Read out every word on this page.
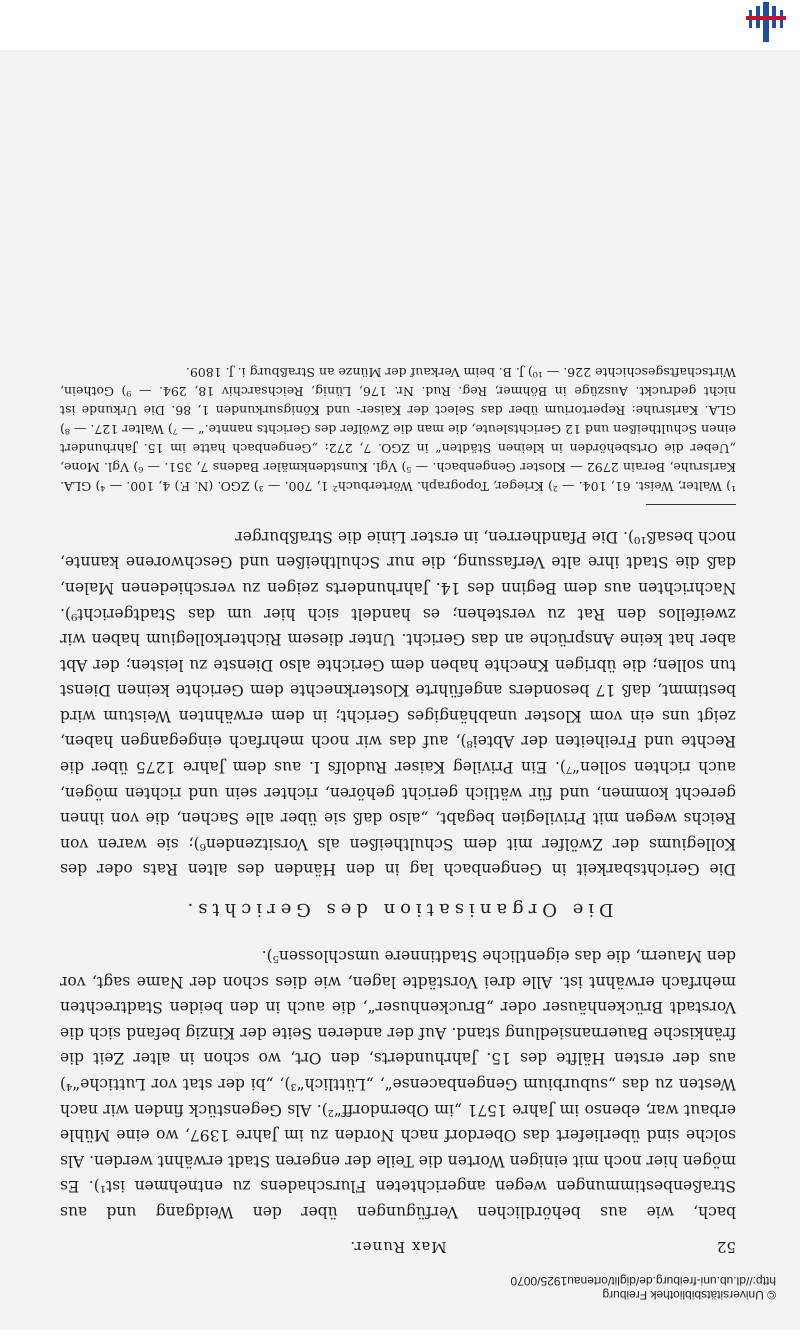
© Universitätsbibliothek Freiburg
http://dl.ub.uni-freiburg.de/diglit/ortenau1925/0070
52
Max Runer.

bach, wie aus behördlichen Verfügungen über den Weidgang und aus Straßenbestimmungen wegen angerichteten Flurschadens zu entnehmen ist¹). Es mögen hier noch mit einigen Worten die Teile der engeren Stadt erwähnt werden. Als solche sind überliefert das Oberdorf nach Norden zu im Jahre 1397, wo eine Mühle erbaut war, ebenso im Jahre 1571 „im Oberndorff“²). Als Gegenstück finden wir nach Westen zu das „suburbium Gengenbacense“, „Lüttlich“³), „bi der stat vor Luttiche“⁴) aus der ersten Hälfte des 15. Jahrhunderts, den Ort, wo schon in alter Zeit die fränkische Bauernansiedlung stand. Auf der anderen Seite der Kinzig befand sich die Vorstadt Brückenhäuser oder „Bruckenhuser“, die auch in den beiden Stadtrechten mehrfach erwähnt ist. Alle drei Vorstädte lagen, wie dies schon der Name sagt, vor den Mauern, die das eigentliche Stadtinnere umschlossen⁵).

Die Organisation des Gerichts.

Die Gerichtsbarkeit in Gengenbach lag in den Händen des alten Rats oder des Kollegiums der Zwölfer mit dem Schultheißen als Vorsitzenden⁶); sie waren von Reichs wegen mit Privilegien begabt, „also daß sie über alle Sachen, die von ihnen gerecht kommen, und für wätlich gericht gehören, richter sein und richten mögen, auch richten sollen“⁷). Ein Privileg Kaiser Rudolfs I. aus dem Jahre 1275 über die Rechte und Freiheiten der Abtei⁸), auf das wir noch mehrfach eingegangen haben, zeigt uns ein vom Kloster unabhängiges Gericht; in dem erwähnten Weistum wird bestimmt, daß 17 besonders angeführte Klosterknechte dem Gerichte keinen Dienst tun sollen; die übrigen Knechte haben dem Gerichte also Dienste zu leisten; der Abt aber hat keine Ansprüche an das Gericht. Unter diesem Richterkollegium haben wir zweifellos den Rat zu verstehen; es handelt sich hier um das Stadtgericht⁹). Nachrichten aus dem Beginn des 14. Jahrhunderts zeigen zu verschiedenen Malen, daß die Stadt ihre alte Verfassung, die nur Schultheißen und Geschworene kannte, noch besaß¹⁰). Die Pfandherren, in erster Linie die Straßburger

¹) Walter, Weist. 61, 104. — ²) Krieger, Topograph. Wörterbuch² 1, 700. — ³) ZGO. (N. F.) 4, 100. — ⁴) GLA. Karlsruhe, Berain 2792 — Kloster Gengenbach. — ⁵) Vgl. Kunstdenkmäler Badens 7, 351. — ⁶) Vgl. Mone, „Ueber die Ortsbehörden in kleinen Städten“ in ZGO. 7, 272: „Gengenbach hatte im 15. Jahrhundert einen Schultheißen und 12 Gerichtsleute, die man die Zwölfer des Gerichts nannte.“ — ⁷) Walter 127. — ⁸) GLA. Karlsruhe: Repertorium über das Select der Kaiser- und Königsurkunden 1, 86. Die Urkunde ist nicht gedruckt. Auszüge in Böhmer, Reg. Rud. Nr. 176, Lünig, Reichsarchiv 18, 294. — ⁹) Gothein, Wirtschaftsgeschichte 226. — ¹⁰) J. B. beim Verkauf der Münze an Straßburg i. J. 1809.
